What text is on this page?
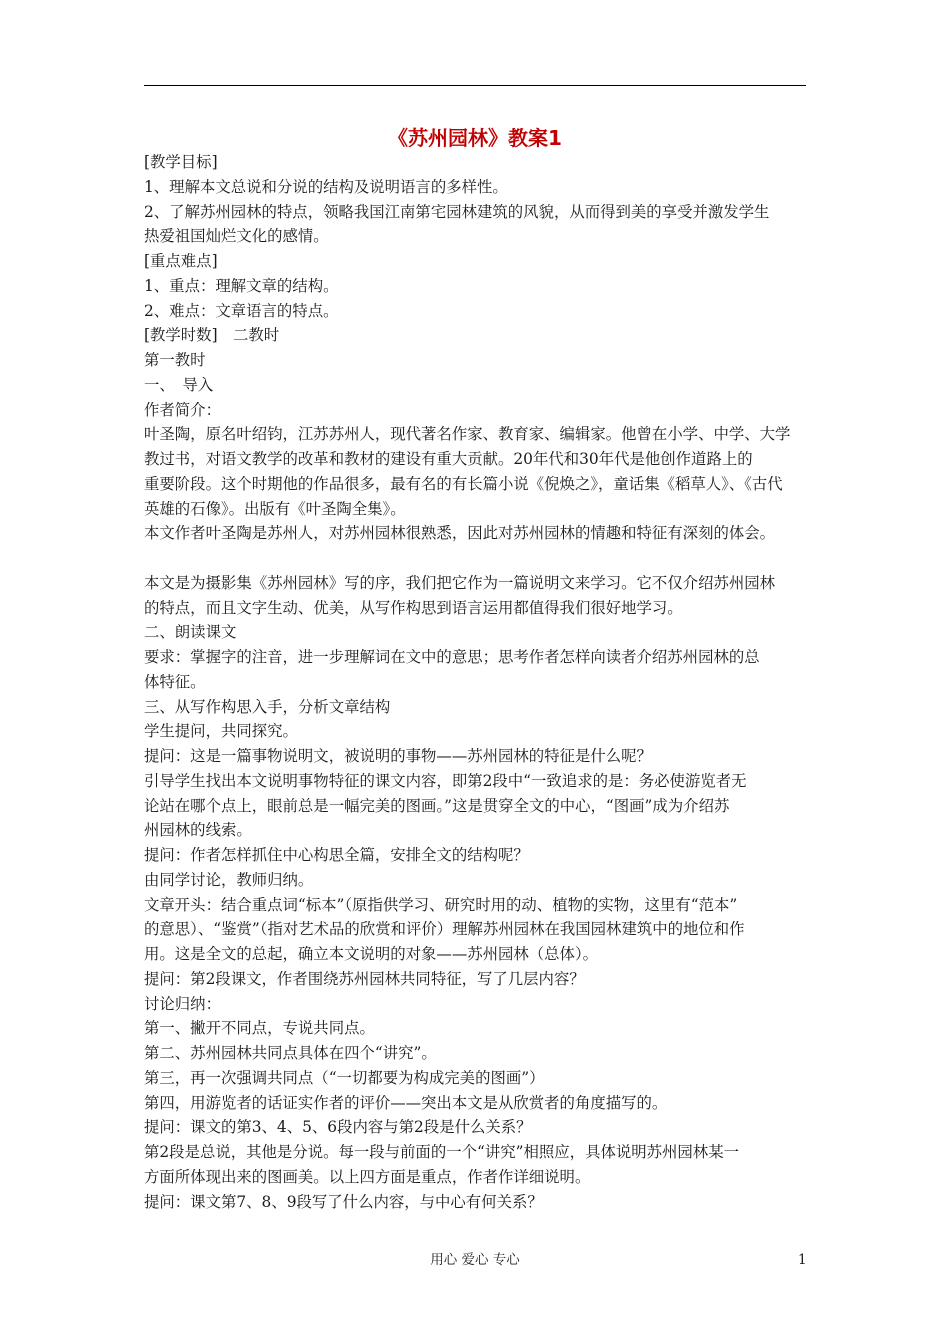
《苏州园林》教案1
[教学目标]
1、理解本文总说和分说的结构及说明语言的多样性。
2、了解苏州园林的特点，领略我国江南第宅园林建筑的风貌，从而得到美的享受并激发学生
热爱祖国灿烂文化的感情。
[重点难点]
1、重点：理解文章的结构。
2、难点：文章语言的特点。
[教学时数]　二教时
第一教时
一、　导入
作者简介：
叶圣陶，原名叶绍钧，江苏苏州人，现代著名作家、教育家、编辑家。他曾在小学、中学、大学
教过书，对语文教学的改革和教材的建设有重大贡献。20年代和30年代是他创作道路上的
重要阶段。这个时期他的作品很多，最有名的有长篇小说《倪焕之》，童话集《稻草人》、《古代
英雄的石像》。出版有《叶圣陶全集》。
本文作者叶圣陶是苏州人，对苏州园林很熟悉，因此对苏州园林的情趣和特征有深刻的体会。
本文是为摄影集《苏州园林》写的序，我们把它作为一篇说明文来学习。它不仅介绍苏州园林
的特点，而且文字生动、优美，从写作构思到语言运用都值得我们很好地学习。
二、朗读课文
要求：掌握字的注音，进一步理解词在文中的意思；思考作者怎样向读者介绍苏州园林的总
体特征。
三、从写作构思入手，分析文章结构
学生提问，共同探究。
提问：这是一篇事物说明文，被说明的事物——苏州园林的特征是什么呢？
引导学生找出本文说明事物特征的课文内容，即第2段中“一致追求的是：务必使游览者无
论站在哪个点上，眼前总是一幅完美的图画。”这是贯穿全文的中心，“图画”成为介绍苏
州园林的线索。
提问：作者怎样抓住中心构思全篇，安排全文的结构呢？
由同学讨论，教师归纳。
文章开头：结合重点词“标本”（原指供学习、研究时用的动、植物的实物，这里有“范本”
的意思）、“鉴赏”（指对艺术品的欣赏和评价）理解苏州园林在我国园林建筑中的地位和作
用。这是全文的总起，确立本文说明的对象——苏州园林（总体）。
提问：第2段课文，作者围绕苏州园林共同特征，写了几层内容？
讨论归纳：
第一、撇开不同点，专说共同点。
第二、苏州园林共同点具体在四个“讲究”。
第三，再一次强调共同点（“一切都要为构成完美的图画”）
第四，用游览者的话证实作者的评价——突出本文是从欣赏者的角度描写的。
提问：课文的第3、4、5、6段内容与第2段是什么关系？
第2段是总说，其他是分说。每一段与前面的一个“讲究”相照应，具体说明苏州园林某一
方面所体现出来的图画美。以上四方面是重点，作者作详细说明。
提问：课文第7、8、9段写了什么内容，与中心有何关系？
用心 爱心 专心	1
